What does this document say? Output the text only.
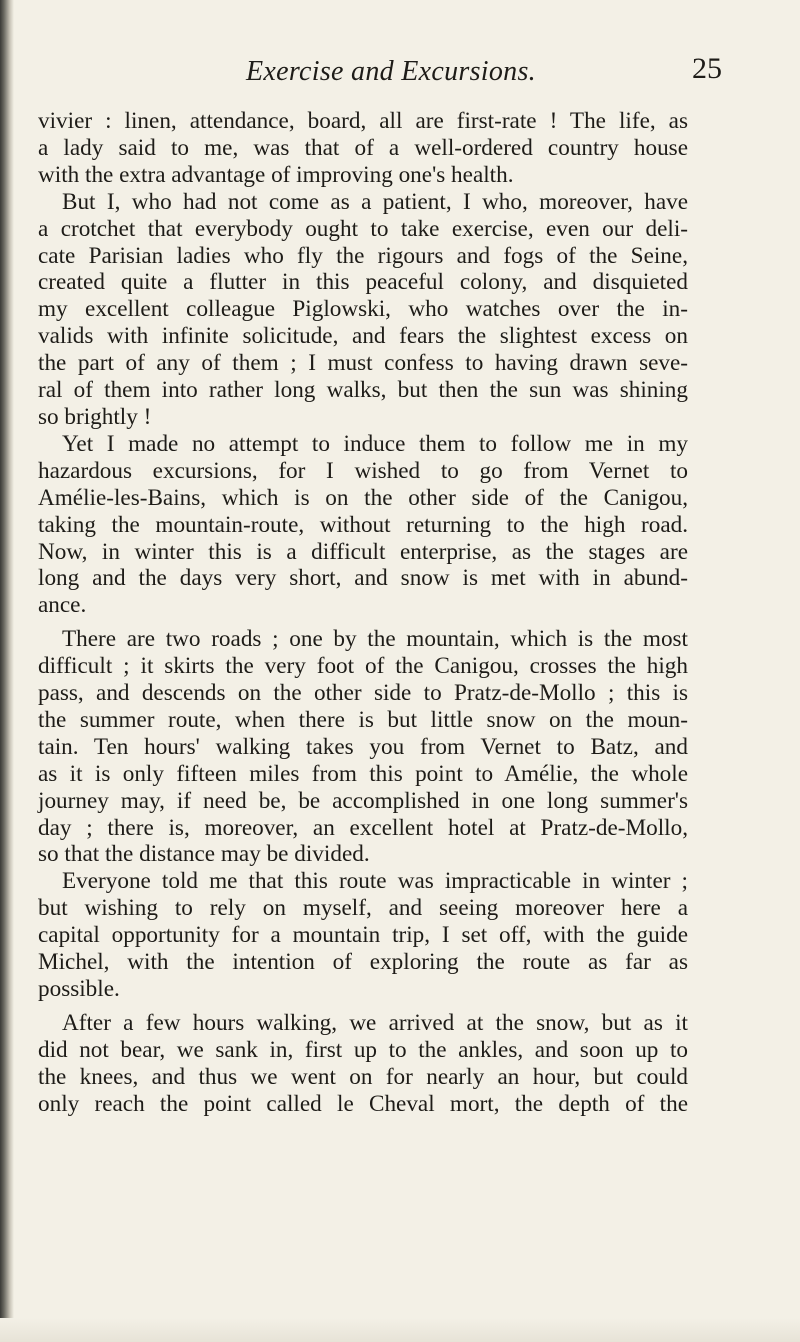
Exercise and Excursions.	25
vivier : linen, attendance, board, all are first-rate ! The life, as
a lady said to me, was that of a well-ordered country house
with the extra advantage of improving one's health.
But I, who had not come as a patient, I who, moreover, have
a crotchet that everybody ought to take exercise, even our deli-
cate Parisian ladies who fly the rigours and fogs of the Seine,
created quite a flutter in this peaceful colony, and disquieted
my excellent colleague Piglowski, who watches over the in-
valids with infinite solicitude, and fears the slightest excess on
the part of any of them ; I must confess to having drawn seve-
ral of them into rather long walks, but then the sun was shining
so brightly !
Yet I made no attempt to induce them to follow me in my
hazardous excursions, for I wished to go from Vernet to
Amélie-les-Bains, which is on the other side of the Canigou,
taking the mountain-route, without returning to the high road.
Now, in winter this is a difficult enterprise, as the stages are
long and the days very short, and snow is met with in abund-
ance.
There are two roads ; one by the mountain, which is the most
difficult ; it skirts the very foot of the Canigou, crosses the high
pass, and descends on the other side to Pratz-de-Mollo ; this is
the summer route, when there is but little snow on the moun-
tain. Ten hours' walking takes you from Vernet to Batz, and
as it is only fifteen miles from this point to Amélie, the whole
journey may, if need be, be accomplished in one long summer's
day ; there is, moreover, an excellent hotel at Pratz-de-Mollo,
so that the distance may be divided.
Everyone told me that this route was impracticable in winter ;
but wishing to rely on myself, and seeing moreover here a
capital opportunity for a mountain trip, I set off, with the guide
Michel, with the intention of exploring the route as far as
possible.
After a few hours walking, we arrived at the snow, but as it
did not bear, we sank in, first up to the ankles, and soon up to
the knees, and thus we went on for nearly an hour, but could
only reach the point called le Cheval mort, the depth of the
